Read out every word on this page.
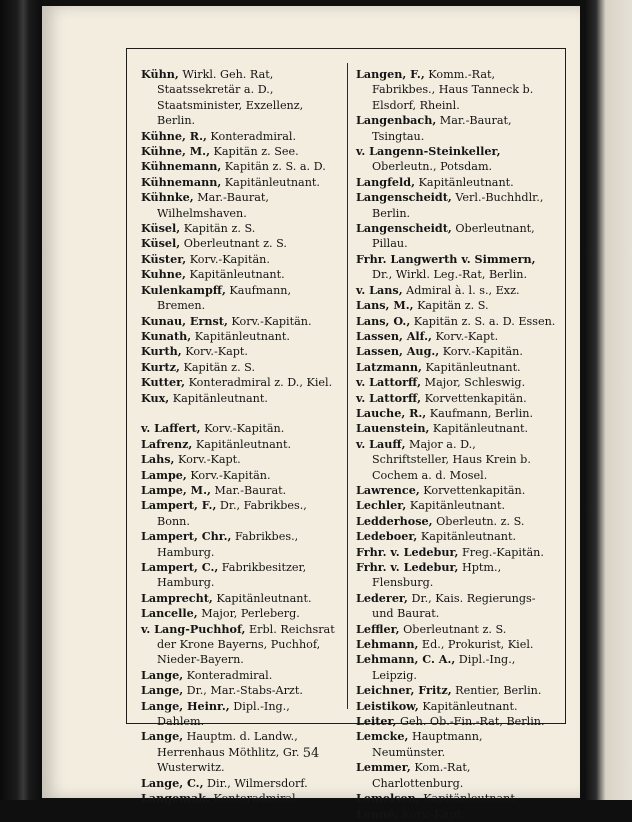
Kühn, Wirkl. Geh. Rat, Staatssekretär a. D., Staatsminister, Exzellenz, Berlin.
Kühne, R., Konteradmiral.
Kühne, M., Kapitän z. See.
Kühnemann, Kapitän z. S. a. D.
Kühnemann, Kapitänleutnant.
Kühnke, Mar.-Baurat, Wilhelmshaven.
Küsel, Kapitän z. S.
Küsel, Oberleutnant z. S.
Küster, Korv.-Kapitän.
Kuhne, Kapitänleutnant.
Kulenkampff, Kaufmann, Bremen.
Kunau, Ernst, Korv.-Kapitän.
Kunath, Kapitänleutnant.
Kurth, Korv.-Kapt.
Kurtz, Kapitän z. S.
Kutter, Konteradmiral z. D., Kiel.
Kux, Kapitänleutnant.
v. Laffert, Korv.-Kapitän.
Lafrenz, Kapitänleutnant.
Lahs, Korv.-Kapt.
Lampe, Korv.-Kapitän.
Lampe, M., Mar.-Baurat.
Lampert, F., Dr., Fabrikbes., Bonn.
Lampert, Chr., Fabrikbes., Hamburg.
Lampert, C., Fabrikbesitzer, Hamburg.
Lamprecht, Kapitänleutnant.
Lancelle, Major, Perleberg.
v. Lang-Puchhof, Erbl. Reichsrat der Krone Bayerns, Puchhof, Nieder-Bayern.
Lange, Konteradmiral.
Lange, Dr., Mar.-Stabs-Arzt.
Lange, Heinr., Dipl.-Ing., Dahlem.
Lange, Hauptm. d. Landw., Herrenhaus Möthlitz, Gr. Wusterwitz.
Lange, C., Dir., Wilmersdorf.
Langemak, Konteradmiral.
Langen, F., Komm.-Rat, Fabrikbes., Haus Tanneck b. Elsdorf, Rheinl.
Langenbach, Mar.-Baurat, Tsingtau.
v. Langenn-Steinkeller, Oberleutn., Potsdam.
Langfeld, Kapitänleutnant.
Langenscheidt, Verl.-Buchhdlr., Berlin.
Langenscheidt, Oberleutnant, Pillau.
Frhr. Langwerth v. Simmern, Dr., Wirkl. Leg.-Rat, Berlin.
v. Lans, Admiral à. l. s., Exz.
Lans, M., Kapitän z. S.
Lans, O., Kapitän z. S. a. D. Essen.
Lassen, Alf., Korv.-Kapt.
Lassen, Aug., Korv.-Kapitän.
Latzmann, Kapitänleutnant.
v. Lattorff, Major, Schleswig.
v. Lattorff, Korvettenkapitän.
Lauche, R., Kaufmann, Berlin.
Lauenstein, Kapitänleutnant.
v. Lauff, Major a. D., Schriftsteller, Haus Krein b. Cochem a. d. Mosel.
Lawrence, Korvettenkapitän.
Lechler, Kapitänleutnant.
Ledderhose, Oberleutn. z. S.
Ledeboer, Kapitänleutnant.
Frhr. v. Ledebur, Freg.-Kapitän.
Frhr. v. Ledebur, Hptm., Flensburg.
Lederer, Dr., Kais. Regierungs- und Baurat.
Leffler, Oberleutnant z. S.
Lehmann, Ed., Prokurist, Kiel.
Lehmann, C. A., Dipl.-Ing., Leipzig.
Leichner, Fritz, Rentier, Berlin.
Leistikow, Kapitänleutnant.
Leiter, Geh. Ob.-Fin.-Rat, Berlin.
Lemcke, Hauptmann, Neumünster.
Lemmer, Kom.-Rat, Charlottenburg.
Lemelsen, Kapitänleutnant.
Lenné, Korv.-Kapt.
54
